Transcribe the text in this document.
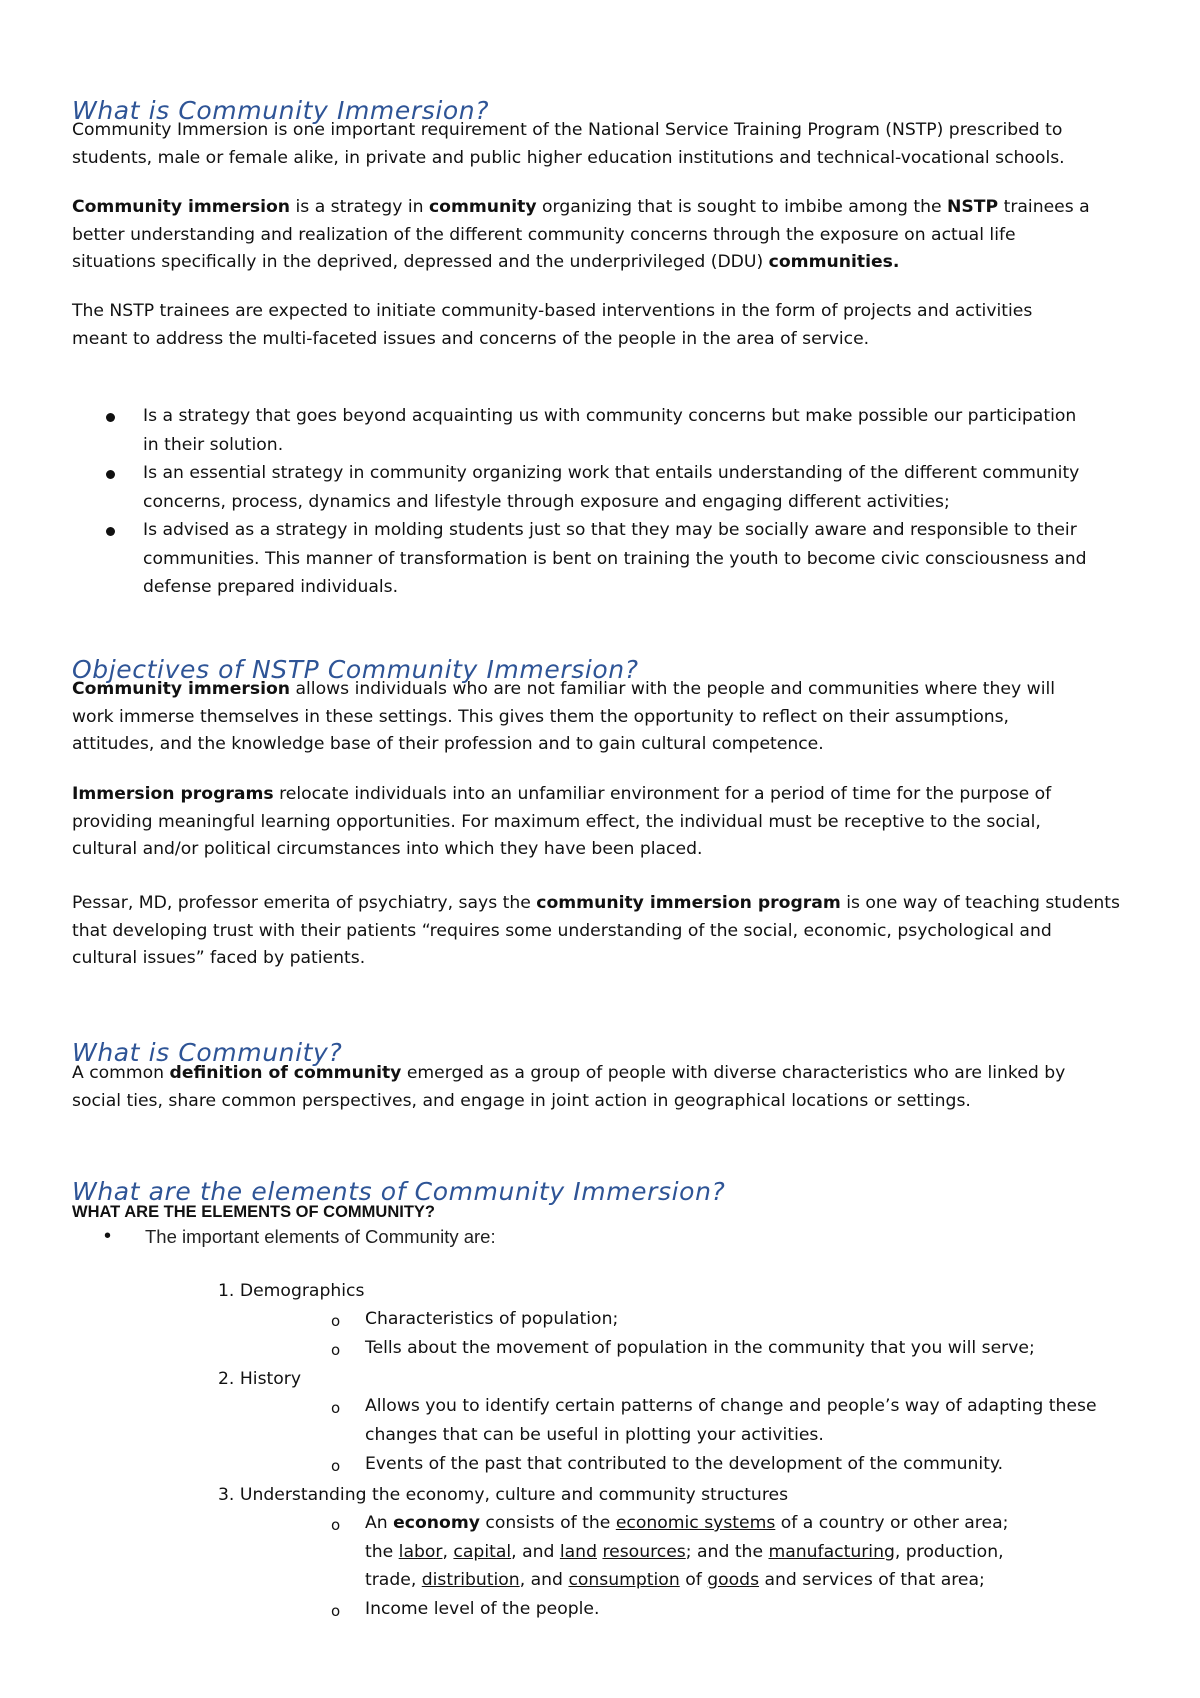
What is Community Immersion?
Community Immersion is one important requirement of the National Service Training Program (NSTP) prescribed to
students, male or female alike, in private and public higher education institutions and technical-vocational schools.
Community immersion is a strategy in community organizing that is sought to imbibe among the NSTP trainees a
better understanding and realization of the different community concerns through the exposure on actual life
situations specifically in the deprived, depressed and the underprivileged (DDU) communities.
The NSTP trainees are expected to initiate community-based interventions in the form of projects and activities
meant to address the multi-faceted issues and concerns of the people in the area of service.
Is a strategy that goes beyond acquainting us with community concerns but make possible our participation
in their solution.
Is an essential strategy in community organizing work that entails understanding of the different community
concerns, process, dynamics and lifestyle through exposure and engaging different activities;
Is advised as a strategy in molding students just so that they may be socially aware and responsible to their
communities. This manner of transformation is bent on training the youth to become civic consciousness and
defense prepared individuals.
Objectives of NSTP Community Immersion?
Community immersion allows individuals who are not familiar with the people and communities where they will
work immerse themselves in these settings. This gives them the opportunity to reflect on their assumptions,
attitudes, and the knowledge base of their profession and to gain cultural competence.
Immersion programs relocate individuals into an unfamiliar environment for a period of time for the purpose of
providing meaningful learning opportunities. For maximum effect, the individual must be receptive to the social,
cultural and/or political circumstances into which they have been placed.
Pessar, MD, professor emerita of psychiatry, says the community immersion program is one way of teaching students
that developing trust with their patients “requires some understanding of the social, economic, psychological and
cultural issues” faced by patients.
What is Community?
A common definition of community emerged as a group of people with diverse characteristics who are linked by
social ties, share common perspectives, and engage in joint action in geographical locations or settings.
What are the elements of Community Immersion?
WHAT ARE THE ELEMENTS OF COMMUNITY?
• The important elements of Community are:
1. Demographics
o Characteristics of population;
o Tells about the movement of population in the community that you will serve;
2. History
o Allows you to identify certain patterns of change and people’s way of adapting these
changes that can be useful in plotting your activities.
o Events of the past that contributed to the development of the community.
3. Understanding the economy, culture and community structures
o An economy consists of the economic systems of a country or other area;
the labor, capital, and land resources; and the manufacturing, production,
trade, distribution, and consumption of goods and services of that area;
o Income level of the people.
